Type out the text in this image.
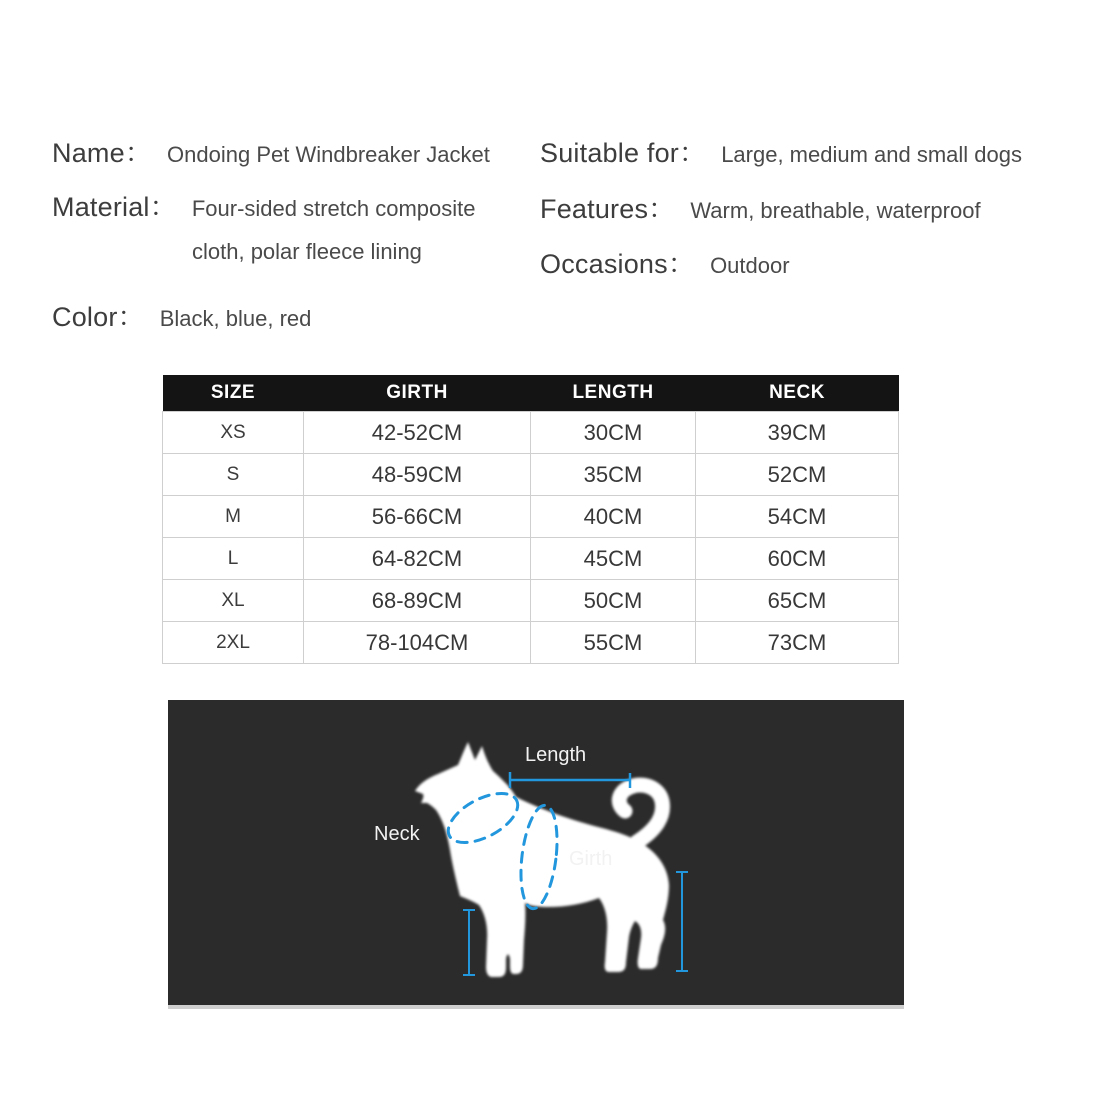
Name： Ondoing Pet Windbreaker Jacket
Material： Four-sided stretch composite
cloth, polar fleece lining
Color： Black, blue, red
Suitable for： Large, medium and small dogs
Features： Warm, breathable, waterproof
Occasions： Outdoor
SIZE	GIRTH	LENGTH	NECK
XS	42-52CM	30CM	39CM
S	48-59CM	35CM	52CM
M	56-66CM	40CM	54CM
L	64-82CM	45CM	60CM
XL	68-89CM	50CM	65CM
2XL	78-104CM	55CM	73CM
Length
Neck
Girth
